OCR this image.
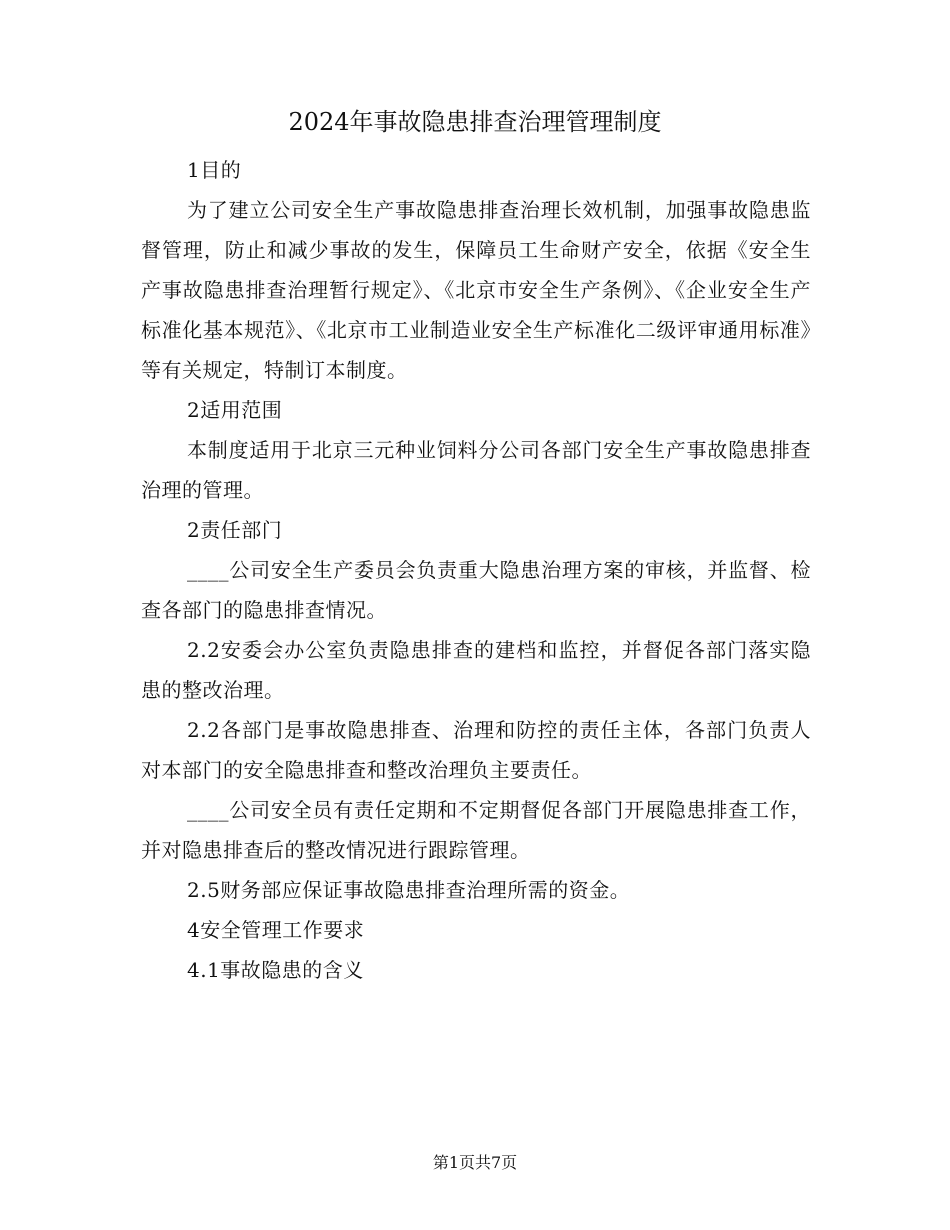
2024年事故隐患排查治理管理制度

1目的

为了建立公司安全生产事故隐患排查治理长效机制，加强事故隐患监督管理，防止和减少事故的发生，保障员工生命财产安全，依据《安全生产事故隐患排查治理暂行规定》、《北京市安全生产条例》、《企业安全生产标准化基本规范》、《北京市工业制造业安全生产标准化二级评审通用标准》等有关规定，特制订本制度。

2适用范围

本制度适用于北京三元种业饲料分公司各部门安全生产事故隐患排查治理的管理。

2责任部门

____公司安全生产委员会负责重大隐患治理方案的审核，并监督、检查各部门的隐患排查情况。

2.2安委会办公室负责隐患排查的建档和监控，并督促各部门落实隐患的整改治理。

2.2各部门是事故隐患排查、治理和防控的责任主体，各部门负责人对本部门的安全隐患排查和整改治理负主要责任。

____公司安全员有责任定期和不定期督促各部门开展隐患排查工作，并对隐患排查后的整改情况进行跟踪管理。

2.5财务部应保证事故隐患排查治理所需的资金。

4安全管理工作要求

4.1事故隐患的含义

第1页共7页
